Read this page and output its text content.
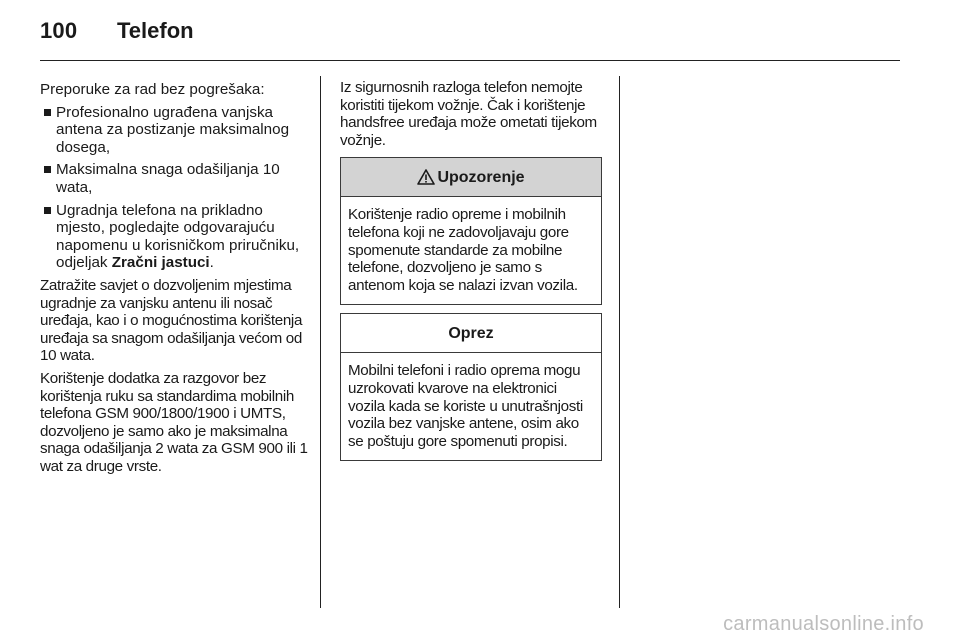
100 Telefon

Preporuke za rad bez pogrešaka:

Profesionalno ugrađena vanjska antena za postizanje maksimalnog dosega,
Maksimalna snaga odašiljanja 10 wata,
Ugradnja telefona na prikladno mjesto, pogledajte odgovarajuću napomenu u korisničkom priručniku, odjeljak Zračni jastuci.

Zatražite savjet o dozvoljenim mjestima ugradnje za vanjsku antenu ili nosač uređaja, kao i o mogućnostima korištenja uređaja sa snagom odašiljanja većom od 10 wata.

Korištenje dodatka za razgovor bez korištenja ruku sa standardima mobilnih telefona GSM 900/1800/1900 i UMTS, dozvoljeno je samo ako je maksimalna snaga odašiljanja 2 wata za GSM 900 ili 1 wat za druge vrste.

Iz sigurnosnih razloga telefon nemojte koristiti tijekom vožnje. Čak i korištenje handsfree uređaja može ometati tijekom vožnje.

Upozorenje
Korištenje radio opreme i mobilnih telefona koji ne zadovoljavaju gore spomenute standarde za mobilne telefone, dozvoljeno je samo s antenom koja se nalazi izvan vozila.
Oprez
Mobilni telefoni i radio oprema mogu uzrokovati kvarove na elektronici vozila kada se koriste u unutrašnjosti vozila bez vanjske antene, osim ako se poštuju gore spomenuti propisi.
carmanualsonline.info
